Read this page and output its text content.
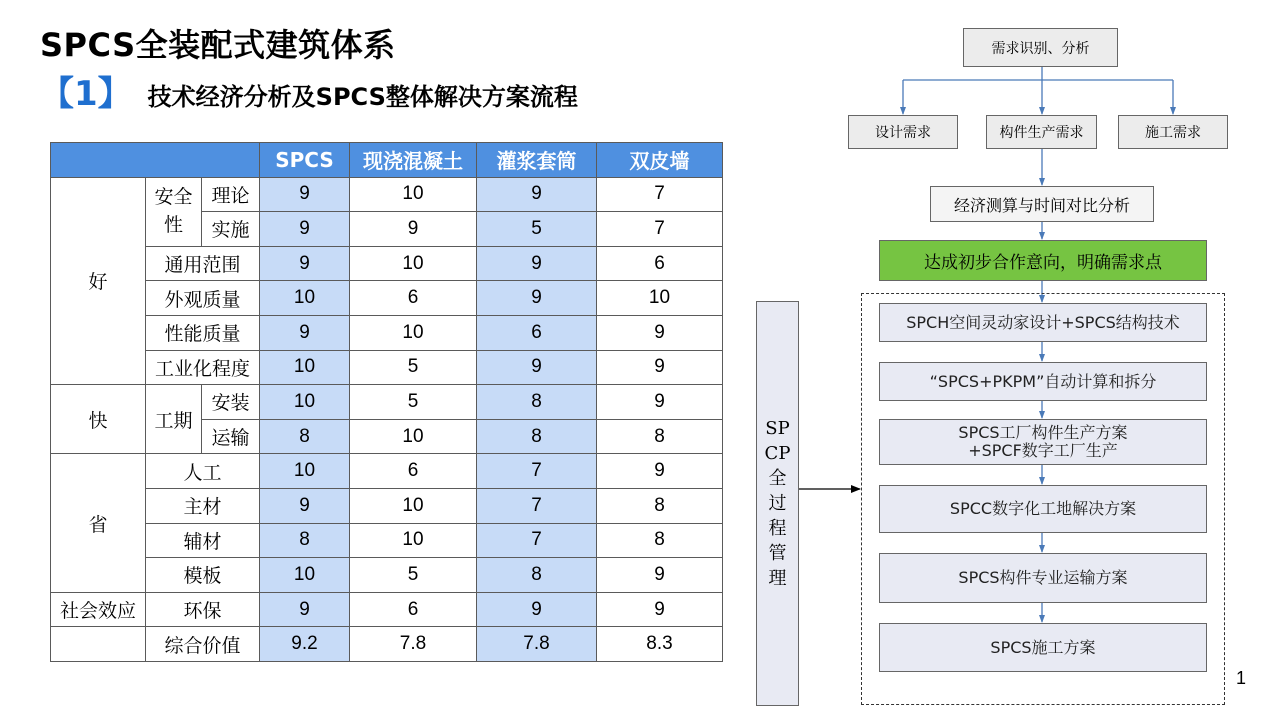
SPCS全装配式建筑体系
【1】 技术经济分析及SPCS整体解决方案流程
			SPCS	现浇混凝土	灌浆套筒	双皮墙
好	安全性	理论	9	10	9	7
		实施	9	9	5	7
	通用范围		9	10	9	6
	外观质量		10	6	9	10
	性能质量		9	10	6	9
	工业化程度		10	5	9	9
快	工期	安装	10	5	8	9
		运输	8	10	8	8
省	人工		10	6	7	9
	主材		9	10	7	8
	辅材		8	10	7	8
	模板		10	5	8	9
社会效应	环保		9	6	9	9
	综合价值		9.2	7.8	7.8	8.3
需求识别、分析
设计需求	构件生产需求	施工需求
经济测算与时间对比分析
达成初步合作意向，明确需求点
SPCH空间灵动家设计+SPCS结构技术
“SPCS+PKPM”自动计算和拆分
SPCS工厂构件生产方案
+SPCF数字工厂生产
SPCC数字化工地解决方案
SPCS构件专业运输方案
SPCS施工方案
SPCP全过程管理
1
